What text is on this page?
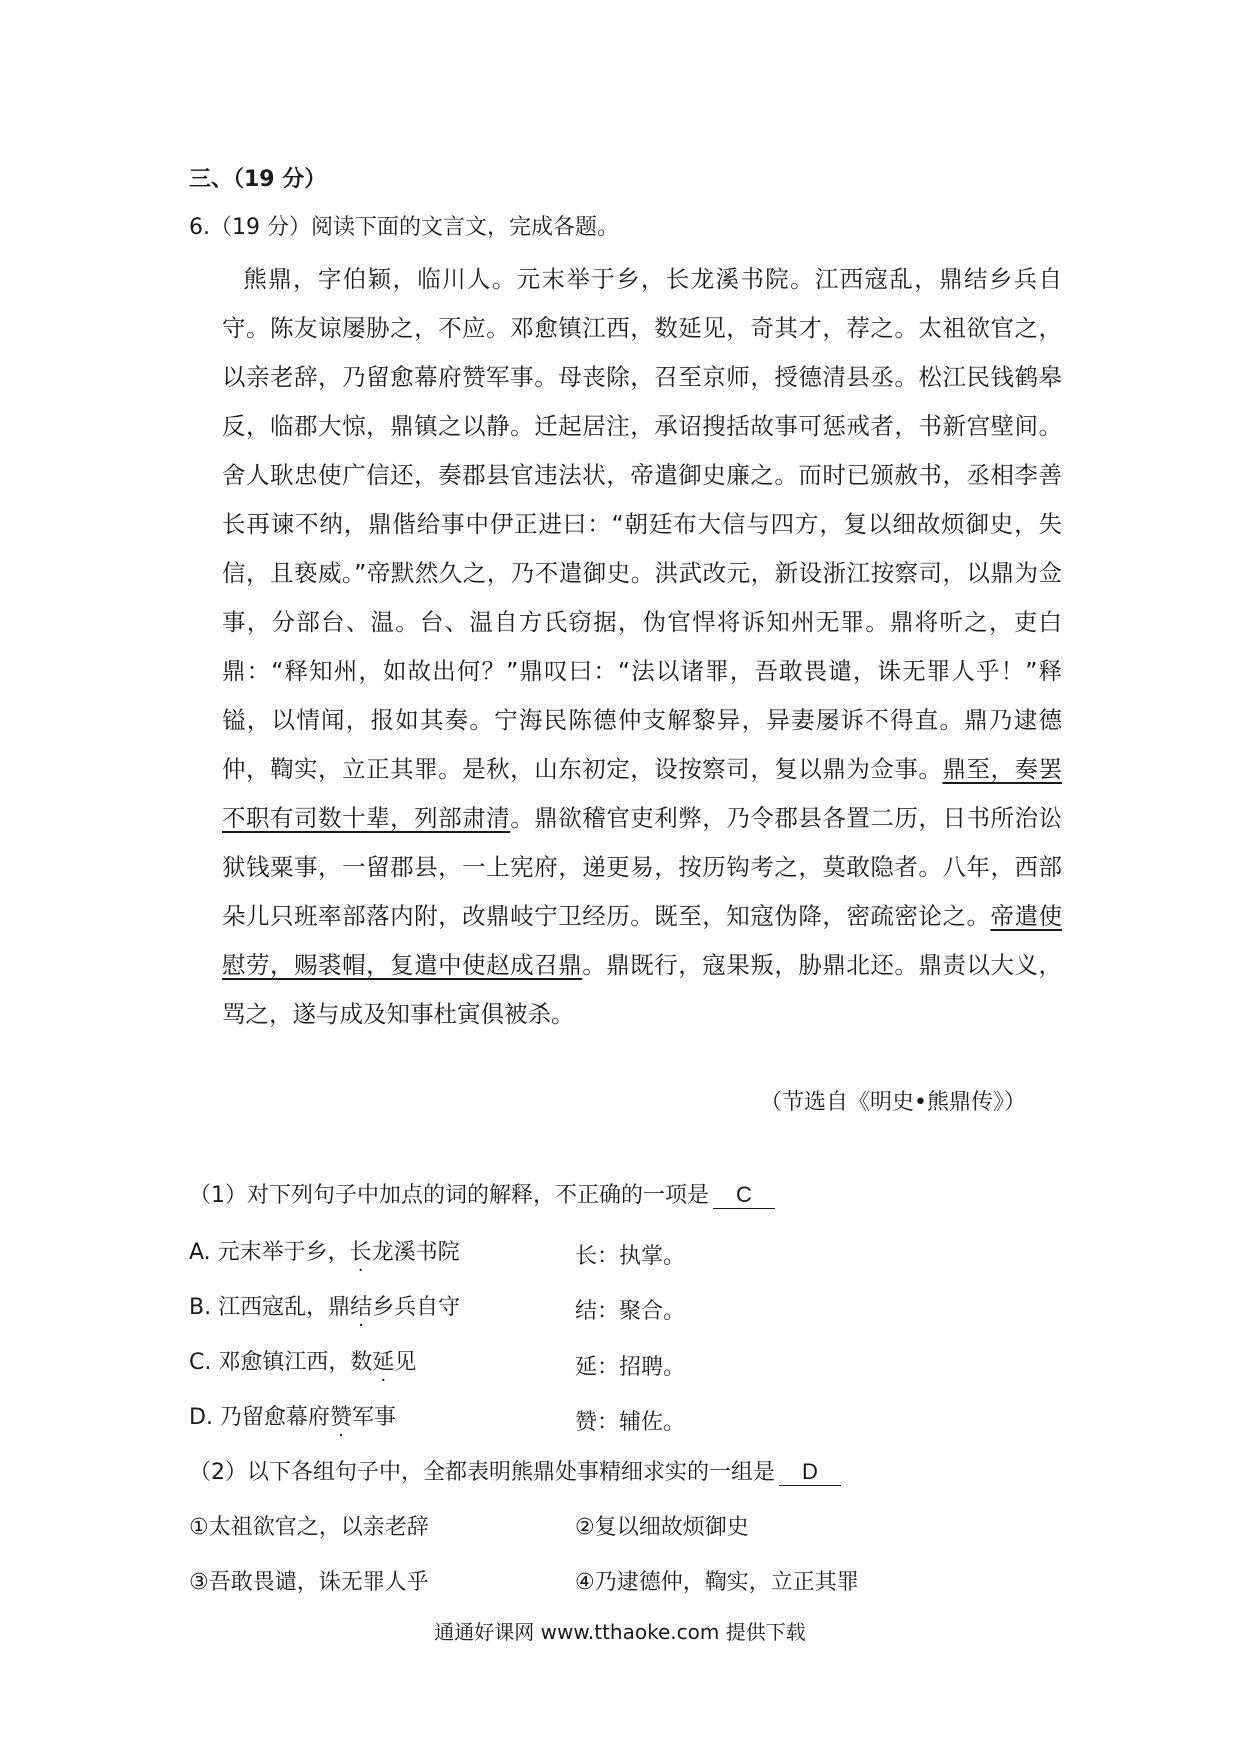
三、（19 分）
6.（19 分）阅读下面的文言文，完成各题。
熊鼎，字伯颖，临川人。元末举于乡，长龙溪书院。江西寇乱，鼎结乡兵自守。陈友谅屡胁之，不应。邓愈镇江西，数延见，奇其才，荐之。太祖欲官之，以亲老辞，乃留愈幕府赞军事。母丧除，召至京师，授德清县丞。松江民钱鹤皋反，临郡大惊，鼎镇之以静。迁起居注，承诏搜括故事可惩戒者，书新宫壁间。舍人耿忠使广信还，奏郡县官违法状，帝遣御史廉之。而时已颁赦书，丞相李善长再谏不纳，鼎偕给事中伊正进曰：“朝廷布大信与四方，复以细故烦御史，失信，且亵威。”帝默然久之，乃不遣御史。洪武改元，新设浙江按察司，以鼎为佥事，分部台、温。台、温自方氏窃据，伪官悍将诉知州无罪。鼎将听之，吏白鼎：“释知州，如故出何？”鼎叹曰：“法以诸罪，吾敢畏谴，诛无罪人乎！”释镒，以情闻，报如其奏。宁海民陈德仲支解黎异，异妻屡诉不得直。鼎乃逮德仲，鞫实，立正其罪。是秋，山东初定，设按察司，复以鼎为佥事。鼎至，奏罢不职有司数十辈，列部肃清。鼎欲稽官吏利弊，乃令郡县各置二历，日书所治讼狱钱粟事，一留郡县，一上宪府，递更易，按历钩考之，莫敢隐者。八年，西部朵儿只班率部落内附，改鼎岐宁卫经历。既至，知寇伪降，密疏密论之。帝遣使慰劳，赐裘帽，复遣中使赵成召鼎。鼎既行，寇果叛，胁鼎北还。鼎责以大义，骂之，遂与成及知事杜寅俱被杀。
（节选自《明史•熊鼎传》）
（1）对下列句子中加点的词的解释，不正确的一项是 C
A. 元末举于乡，长龙溪书院	长：执掌。
B. 江西寇乱，鼎结乡兵自守	结：聚合。
C. 邓愈镇江西，数延见	延：招聘。
D. 乃留愈幕府赞军事	赞：辅佐。
（2）以下各组句子中，全都表明熊鼎处事精细求实的一组是 D
①太祖欲官之，以亲老辞	②复以细故烦御史
③吾敢畏谴，诛无罪人乎	④乃逮德仲，鞫实，立正其罪
通通好课网 www.tthaoke.com 提供下载
